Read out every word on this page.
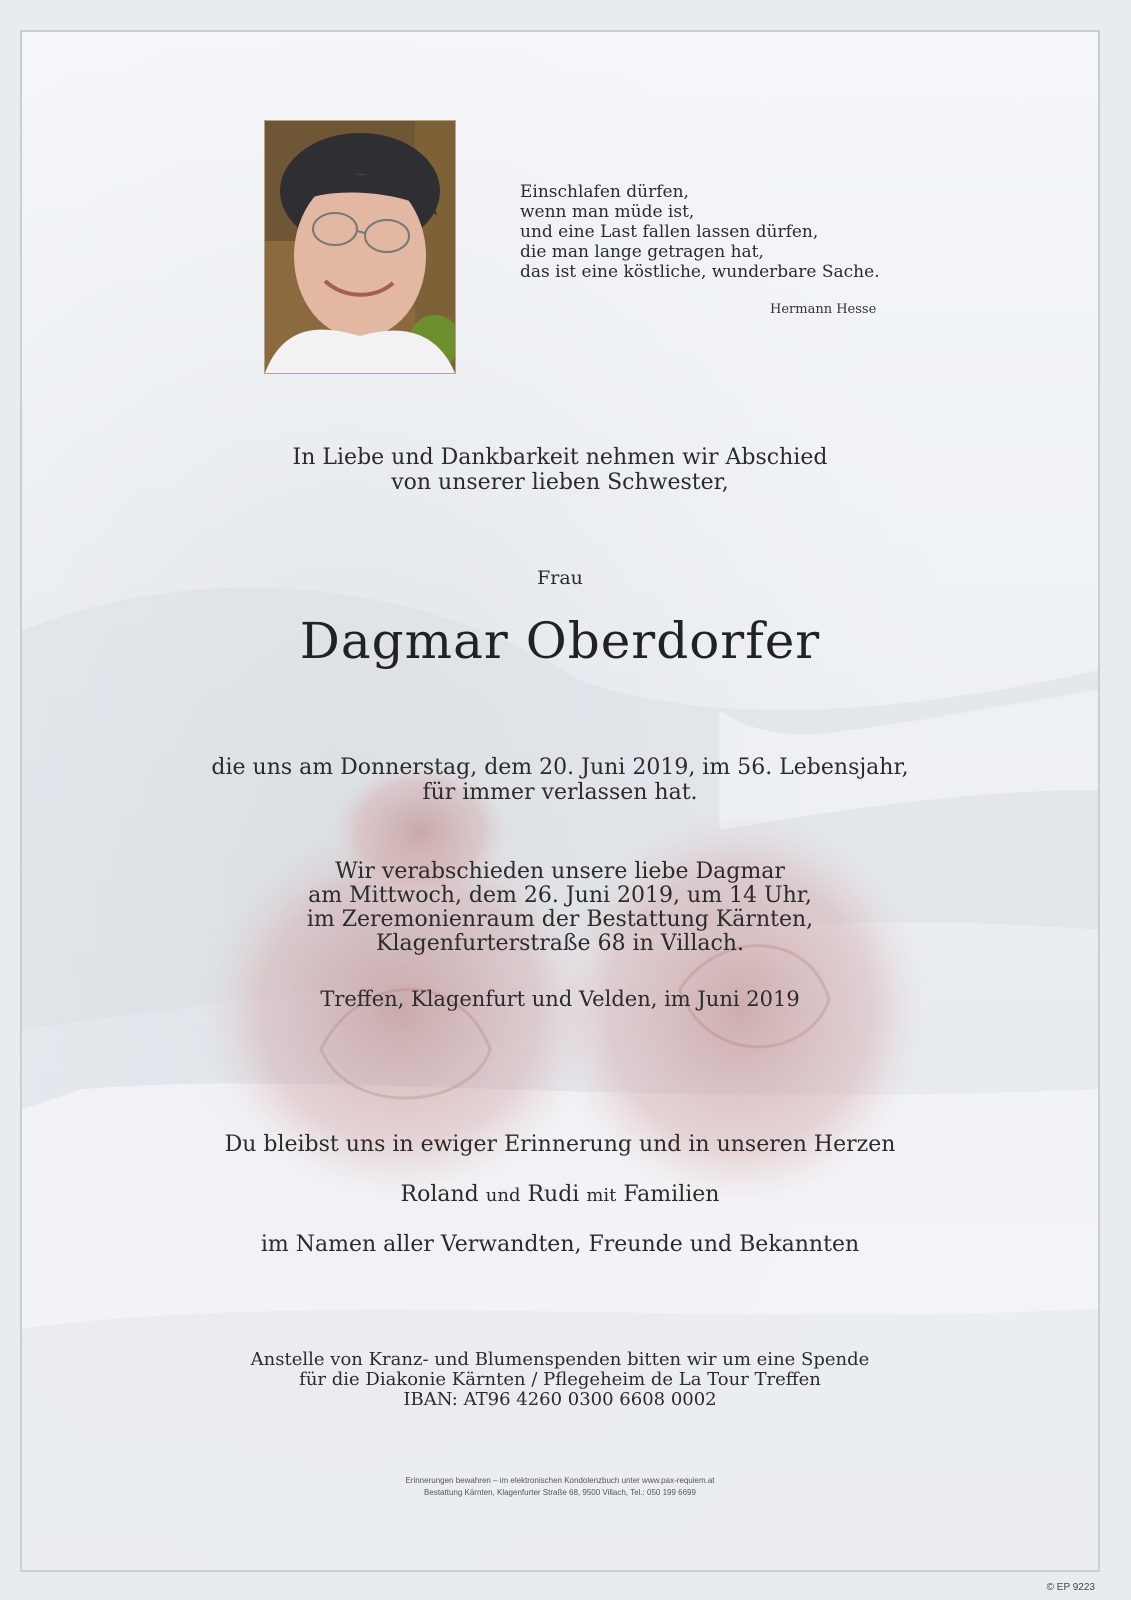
Einschlafen dürfen,
wenn man müde ist,
und eine Last fallen lassen dürfen,
die man lange getragen hat,
das ist eine köstliche, wunderbare Sache.
Hermann Hesse
In Liebe und Dankbarkeit nehmen wir Abschied
von unserer lieben Schwester,
Frau
Dagmar Oberdorfer
die uns am Donnerstag, dem 20. Juni 2019, im 56. Lebensjahr,
für immer verlassen hat.
Wir verabschieden unsere liebe Dagmar
am Mittwoch, dem 26. Juni 2019, um 14 Uhr,
im Zeremonienraum der Bestattung Kärnten,
Klagenfurterstraße 68 in Villach.
Treffen, Klagenfurt und Velden, im Juni 2019
Du bleibst uns in ewiger Erinnerung und in unseren Herzen
Roland und Rudi mit Familien
im Namen aller Verwandten, Freunde und Bekannten
Anstelle von Kranz- und Blumenspenden bitten wir um eine Spende
für die Diakonie Kärnten / Pflegeheim de La Tour Treffen
IBAN: AT96 4260 0300 6608 0002
Erinnerungen bewahren – im elektronischen Kondolenzbuch unter www.pax-requiem.at
Bestattung Kärnten, Klagenfurter Straße 68, 9500 Villach, Tel.: 050 199 6699
© EP 9223
